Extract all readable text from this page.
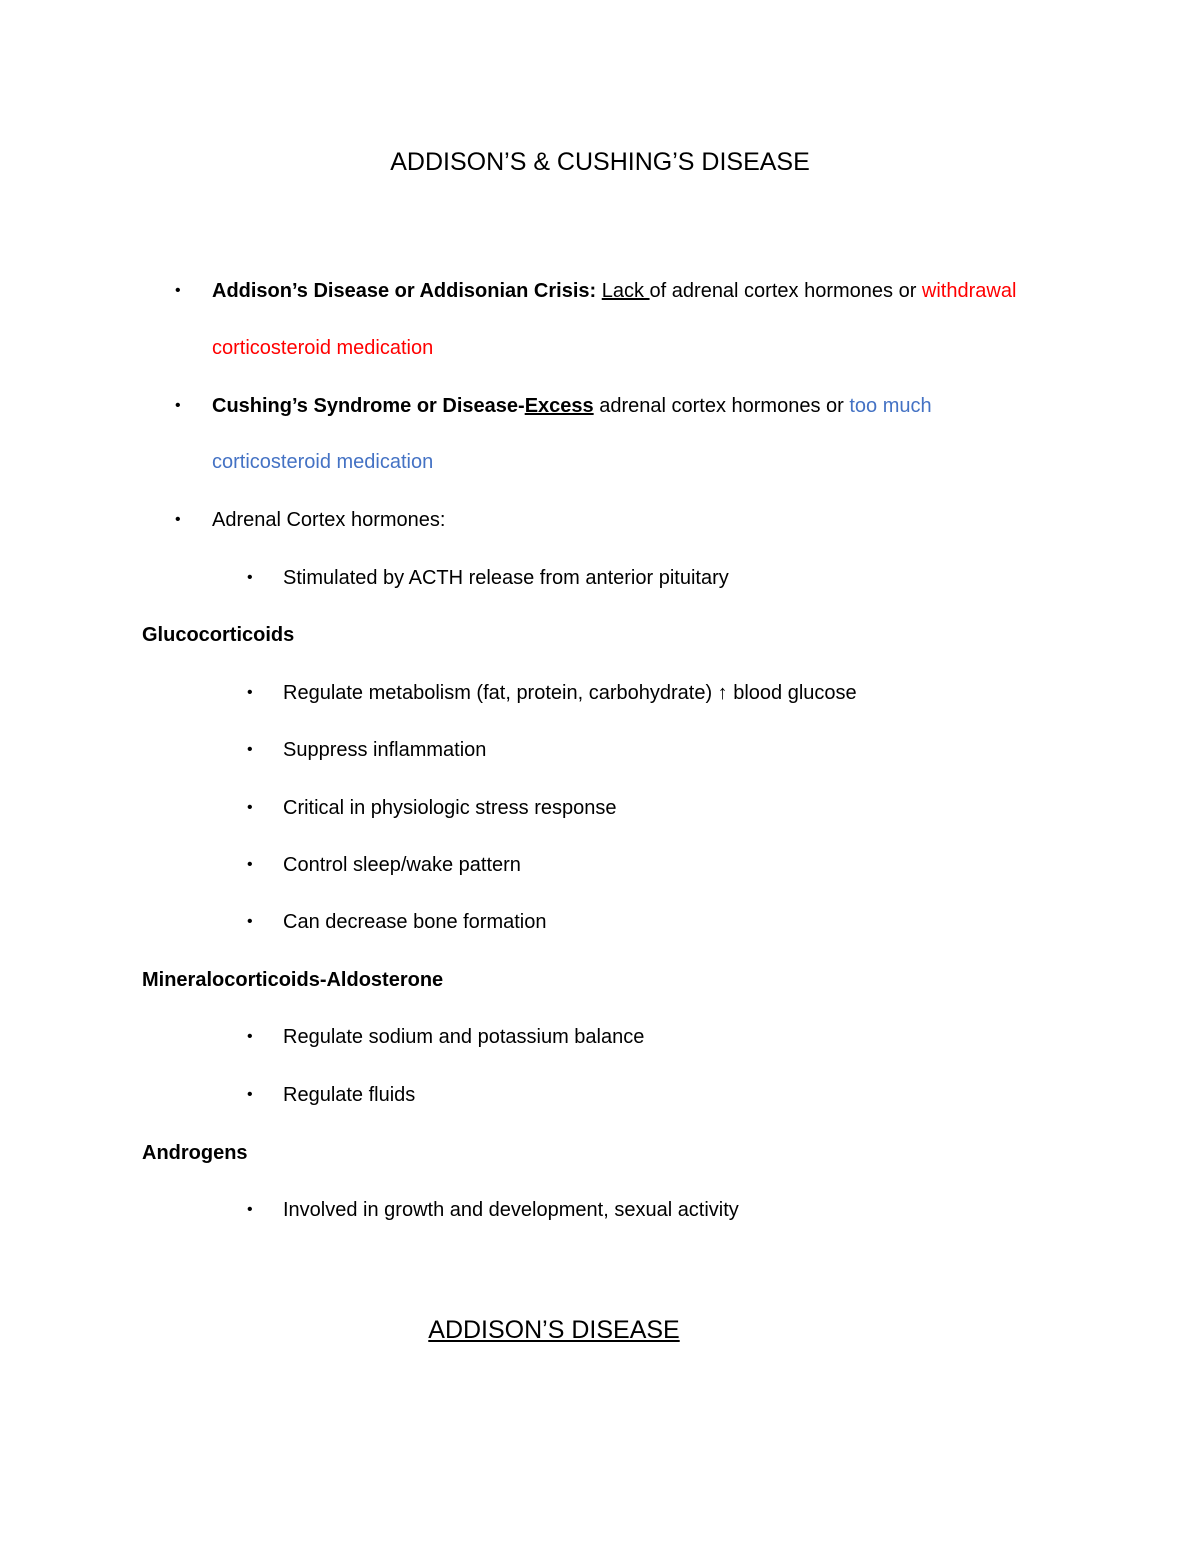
ADDISON’S & CUSHING’S DISEASE
• Addison’s Disease or Addisonian Crisis: Lack of adrenal cortex hormones or withdrawal
corticosteroid medication
• Cushing’s Syndrome or Disease-Excess adrenal cortex hormones or too much
corticosteroid medication
• Adrenal Cortex hormones:
• Stimulated by ACTH release from anterior pituitary
Glucocorticoids
• Regulate metabolism (fat, protein, carbohydrate) ↑ blood glucose
• Suppress inflammation
• Critical in physiologic stress response
• Control sleep/wake pattern
• Can decrease bone formation
Mineralocorticoids-Aldosterone
• Regulate sodium and potassium balance
• Regulate fluids
Androgens
• Involved in growth and development, sexual activity
ADDISON’S DISEASE
